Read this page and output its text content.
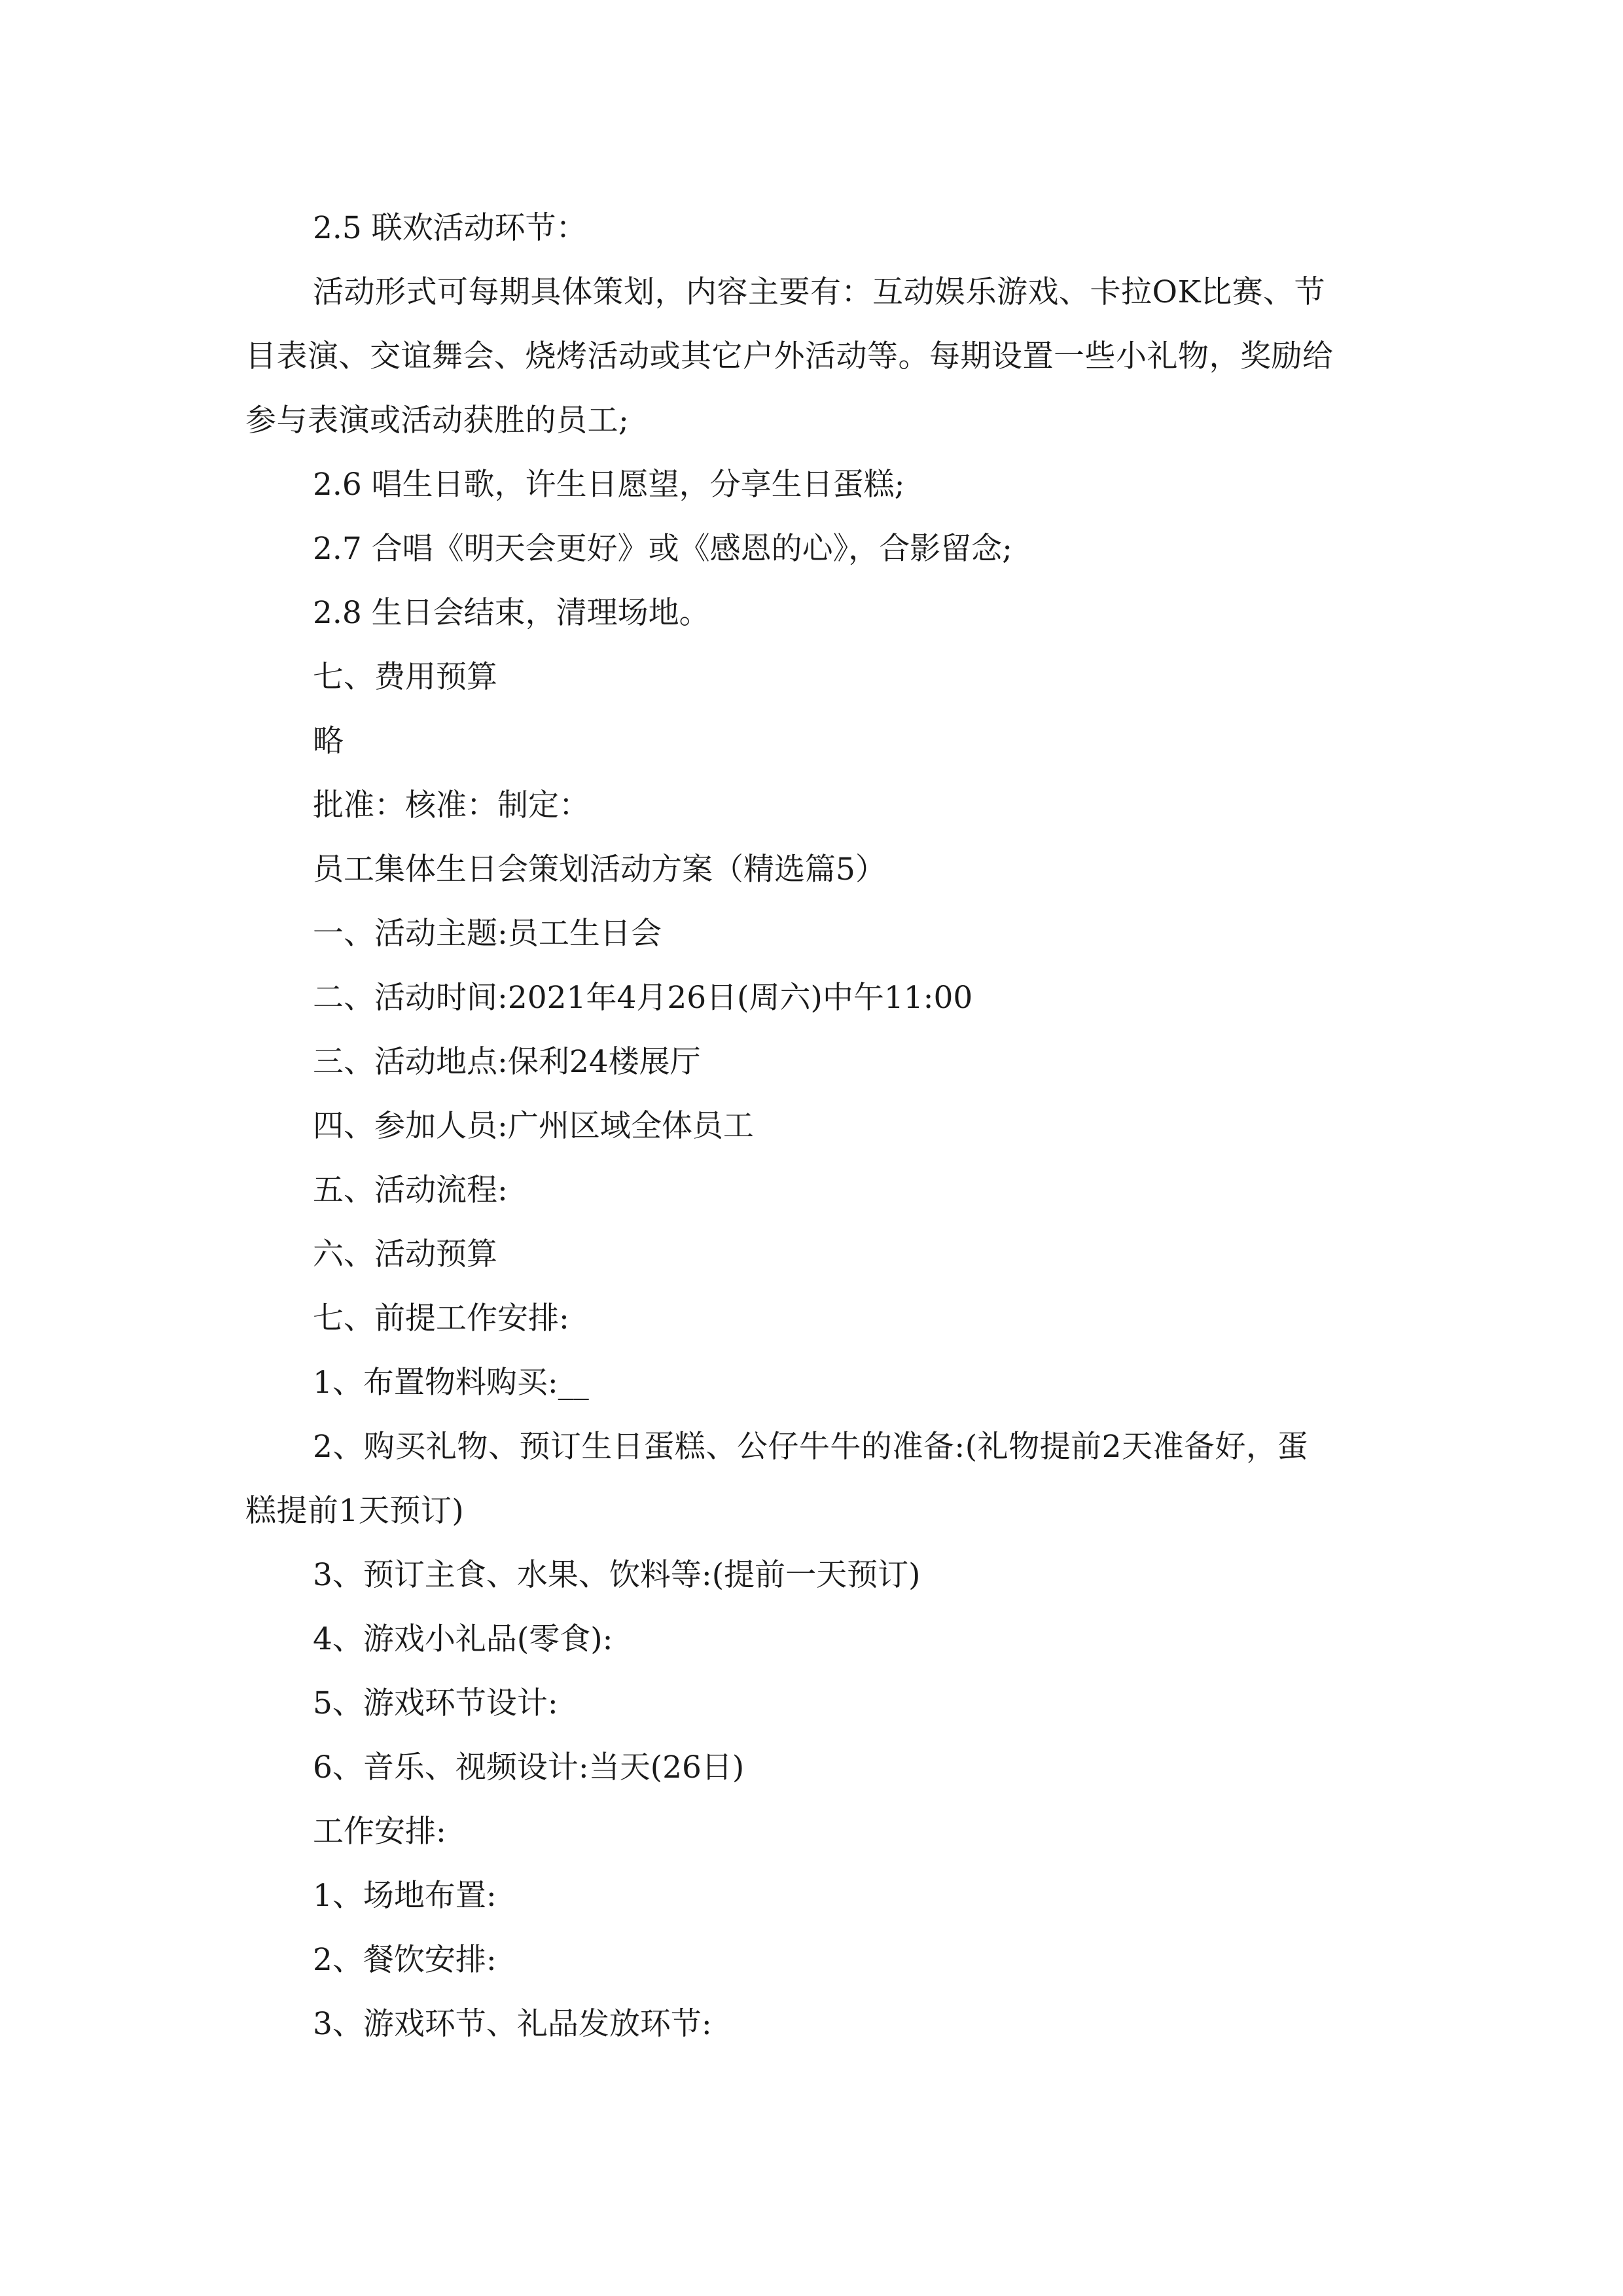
2.5 联欢活动环节：
活动形式可每期具体策划，内容主要有：互动娱乐游戏、卡拉OK比赛、节
目表演、交谊舞会、烧烤活动或其它户外活动等。每期设置一些小礼物，奖励给
参与表演或活动获胜的员工;
2.6 唱生日歌，许生日愿望，分享生日蛋糕;
2.7 合唱《明天会更好》或《感恩的心》，合影留念;
2.8 生日会结束，清理场地。
七、费用预算
略
批准：核准：制定：
员工集体生日会策划活动方案（精选篇5）
一、活动主题:员工生日会
二、活动时间:2021年4月26日(周六)中午11:00
三、活动地点:保利24楼展厅
四、参加人员:广州区域全体员工
五、活动流程:
六、活动预算
七、前提工作安排:
1、布置物料购买:__
2、购买礼物、预订生日蛋糕、公仔牛牛的准备:(礼物提前2天准备好，蛋
糕提前1天预订)
3、预订主食、水果、饮料等:(提前一天预订)
4、游戏小礼品(零食):
5、游戏环节设计:
6、音乐、视频设计:当天(26日)
工作安排:
1、场地布置:
2、餐饮安排:
3、游戏环节、礼品发放环节:
